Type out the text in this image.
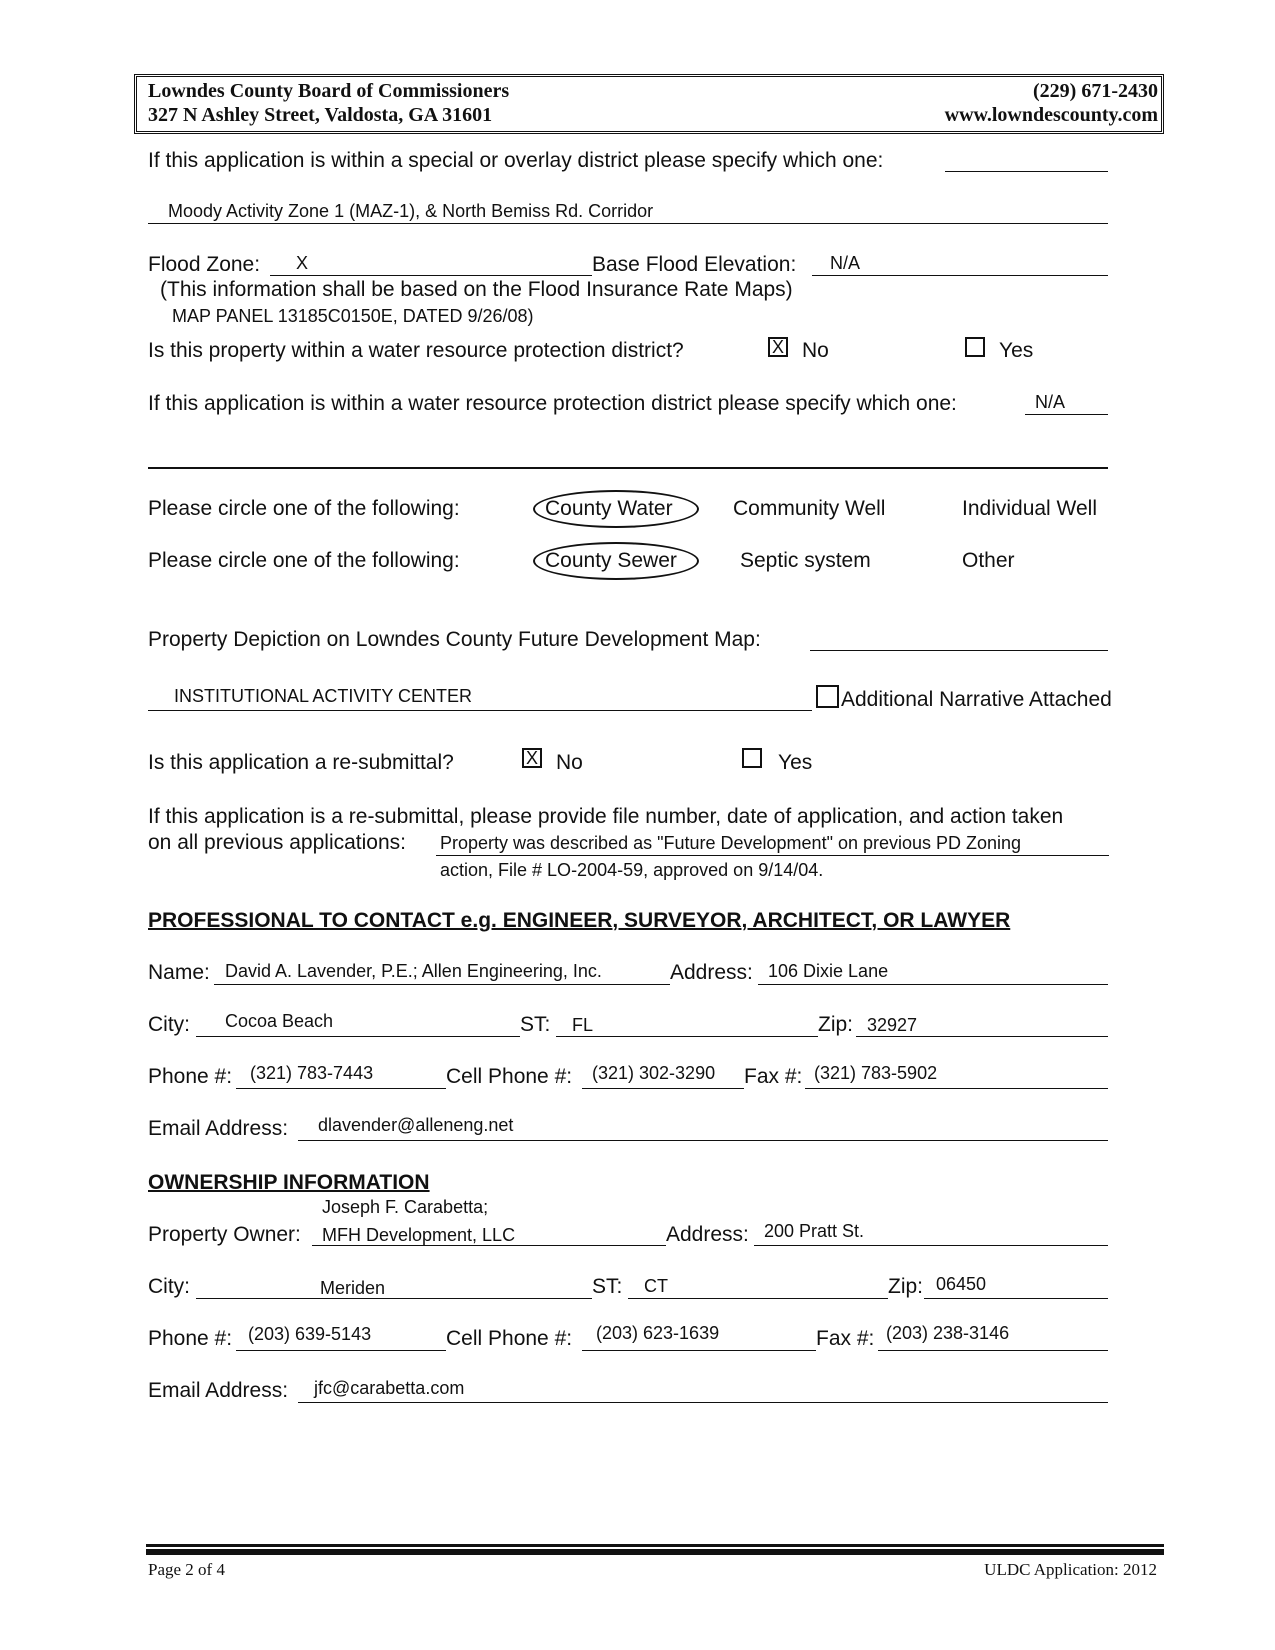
Lowndes County Board of Commissioners
327 N Ashley Street, Valdosta, GA 31601
(229) 671-2430
www.lowndescounty.com
If this application is within a special or overlay district please specify which one:
Moody Activity Zone 1 (MAZ-1), & North Bemiss Rd. Corridor
Flood Zone: X	Base Flood Elevation: N/A
(This information shall be based on the Flood Insurance Rate Maps)
MAP PANEL 13185C0150E, DATED 9/26/08)
Is this property within a water resource protection district?	X No	Yes
If this application is within a water resource protection district please specify which one:	N/A
Please circle one of the following:	County Water	Community Well	Individual Well
Please circle one of the following:	County Sewer	Septic system	Other
Property Depiction on Lowndes County Future Development Map:
INSTITUTIONAL ACTIVITY CENTER	Additional Narrative Attached
Is this application a re-submittal?	X No	Yes
If this application is a re-submittal, please provide file number, date of application, and action taken
on all previous applications: Property was described as "Future Development" on previous PD Zoning
action, File # LO-2004-59, approved on 9/14/04.
PROFESSIONAL TO CONTACT e.g. ENGINEER, SURVEYOR, ARCHITECT, OR LAWYER
Name: David A. Lavender, P.E.; Allen Engineering, Inc.	Address: 106 Dixie Lane
City: Cocoa Beach	ST: FL	Zip: 32927
Phone #: (321) 783-7443	Cell Phone #: (321) 302-3290 Fax #: (321) 783-5902
Email Address: dlavender@alleneng.net
OWNERSHIP INFORMATION
Joseph F. Carabetta;
Property Owner: MFH Development, LLC	Address: 200 Pratt St.
City:	Meriden	ST: CT	Zip: 06450
Phone #: (203) 639-5143	Cell Phone #: (203) 623-1639	Fax #: (203) 238-3146
Email Address: jfc@carabetta.com
Page 2 of 4	ULDC Application: 2012
